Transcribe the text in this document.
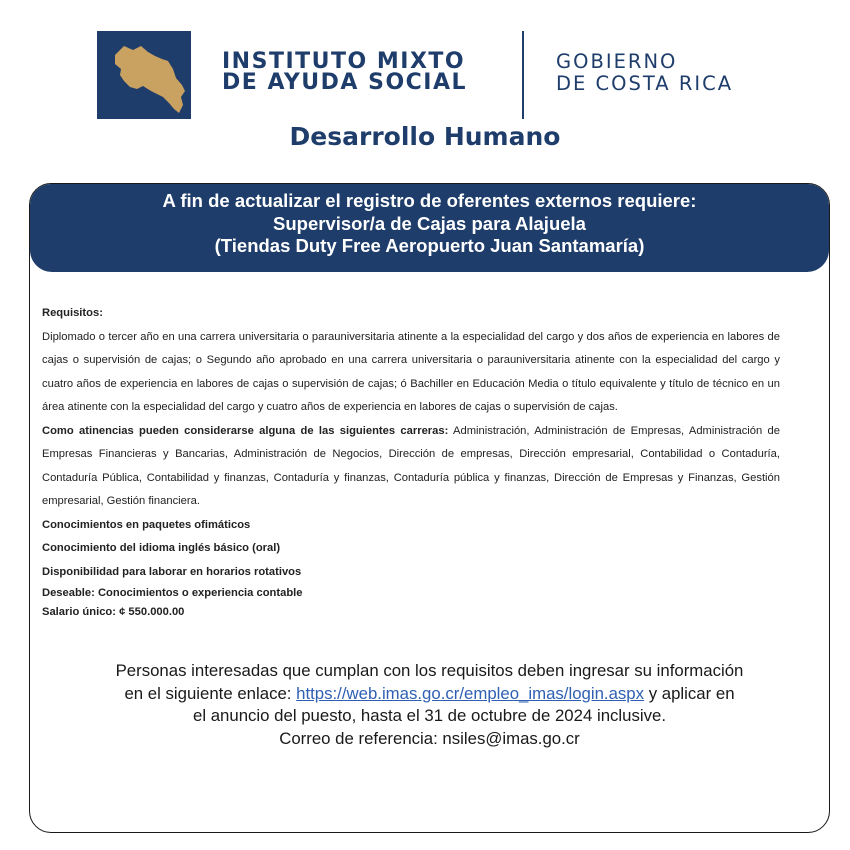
INSTITUTO MIXTO
DE AYUDA SOCIAL
GOBIERNO
DE COSTA RICA
Desarrollo Humano
A fin de actualizar el registro de oferentes externos requiere:
Supervisor/a de Cajas para Alajuela
(Tiendas Duty Free Aeropuerto Juan Santamaría)

Requisitos:

Diplomado o tercer año en una carrera universitaria o parauniversitaria atinente a la especialidad del cargo y dos años de experiencia en labores de cajas o supervisión de cajas; o Segundo año aprobado en una carrera universitaria o parauniversitaria atinente con la especialidad del cargo y cuatro años de experiencia en labores de cajas o supervisión de cajas; ó Bachiller en Educación Media o título equivalente y título de técnico en un área atinente con la especialidad del cargo y cuatro años de experiencia en labores de cajas o supervisión de cajas.

Como atinencias pueden considerarse alguna de las siguientes carreras: Administración, Administración de Empresas, Administración de Empresas Financieras y Bancarias, Administración de Negocios, Dirección de empresas, Dirección empresarial, Contabilidad o Contaduría, Contaduría Pública, Contabilidad y finanzas, Contaduría y finanzas, Contaduría pública y finanzas, Dirección de Empresas y Finanzas, Gestión empresarial, Gestión financiera.

Conocimientos en paquetes ofimáticos

Conocimiento del idioma inglés básico (oral)

Disponibilidad para laborar en horarios rotativos

Deseable: Conocimientos o experiencia contable

Salario único: ¢ 550.000.00

Personas interesadas que cumplan con los requisitos deben ingresar su información
en el siguiente enlace: https://web.imas.go.cr/empleo_imas/login.aspx y aplicar en
el anuncio del puesto, hasta el 31 de octubre de 2024 inclusive.
Correo de referencia: nsiles@imas.go.cr
